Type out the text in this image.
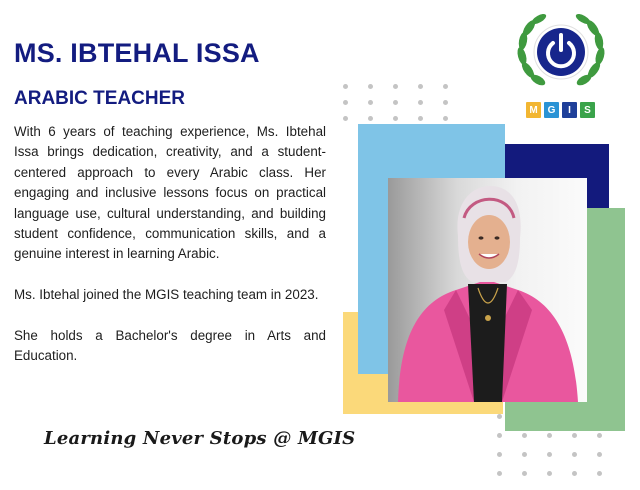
MS. IBTEHAL ISSA
ARABIC TEACHER

With 6 years of teaching experience, Ms. Ibtehal Issa brings dedication, creativity, and a student-centered approach to every Arabic class. Her engaging and inclusive lessons focus on practical language use, cultural understanding, and building student confidence, communication skills, and a genuine interest in learning Arabic.

Ms. Ibtehal joined the MGIS teaching team in 2023.

She holds a Bachelor's degree in Arts and Education.

Learning Never Stops @ MGIS
M G	I	S
